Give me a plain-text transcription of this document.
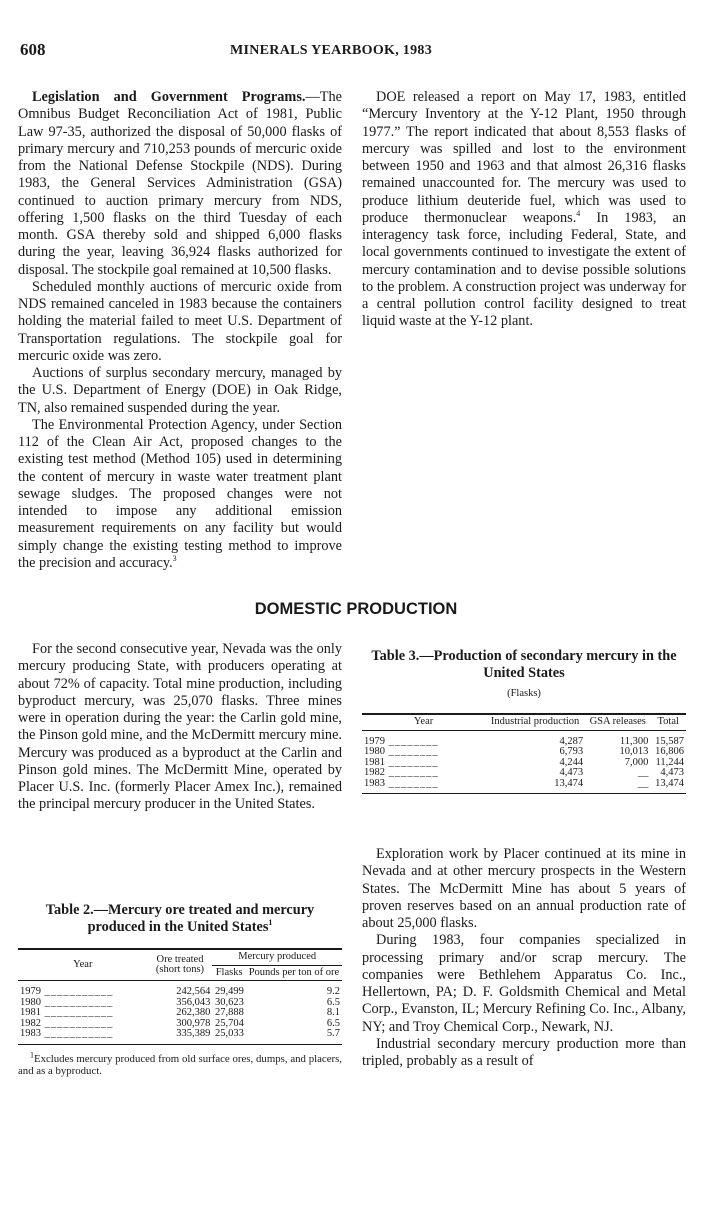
608	MINERALS YEARBOOK, 1983

Legislation and Government Programs.—The Omnibus Budget Reconciliation Act of 1981, Public Law 97-35, authorized the disposal of 50,000 flasks of primary mercury and 710,253 pounds of mercuric oxide from the National Defense Stockpile (NDS). During 1983, the General Services Administration (GSA) continued to auction primary mercury from NDS, offering 1,500 flasks on the third Tuesday of each month. GSA thereby sold and shipped 6,000 flasks during the year, leaving 36,924 flasks authorized for disposal. The stockpile goal remained at 10,500 flasks.

Scheduled monthly auctions of mercuric oxide from NDS remained canceled in 1983 because the containers holding the material failed to meet U.S. Department of Transportation regulations. The stockpile goal for mercuric oxide was zero.

Auctions of surplus secondary mercury, managed by the U.S. Department of Energy (DOE) in Oak Ridge, TN, also remained suspended during the year.

The Environmental Protection Agency, under Section 112 of the Clean Air Act, proposed changes to the existing test method (Method 105) used in determining the content of mercury in waste water treatment plant sewage sludges. The proposed changes were not intended to impose any additional emission measurement requirements on any facility but would simply change the existing testing method to improve the precision and accuracy.$^3$

DOE released a report on May 17, 1983, entitled “Mercury Inventory at the Y-12 Plant, 1950 through 1977.” The report indicated that about 8,553 flasks of mercury was spilled and lost to the environment between 1950 and 1963 and that almost 26,316 flasks remained unaccounted for. The mercury was used to produce lithium deuteride fuel, which was used to produce thermonuclear weapons.$^4$ In 1983, an interagency task force, including Federal, State, and local governments continued to investigate the extent of mercury contamination and to devise possible solutions to the problem. A construction project was underway for a central pollution control facility designed to treat liquid waste at the Y-12 plant.

DOMESTIC PRODUCTION

For the second consecutive year, Nevada was the only mercury producing State, with producers operating at about 72% of capacity. Total mine production, including byproduct mercury, was 25,070 flasks. Three mines were in operation during the year: the Carlin gold mine, the Pinson gold mine, and the McDermitt mercury mine. Mercury was produced as a byproduct at the Carlin and Pinson gold mines. The McDermitt Mine, operated by Placer U.S. Inc. (formerly Placer Amex Inc.), remained the principal mercury producer in the United States.

Table 3.—Production of secondary mercury in the United States
(Flasks)
Year	Industrial production	GSA releases	Total
1979 ________	4,287	11,300	15,587
1980 ________	6,793	10,013	16,806
1981 ________	4,244	7,000	11,244
1982 ________	4,473	__	4,473
1983 ________	13,474	__	13,474

Exploration work by Placer continued at its mine in Nevada and at other mercury prospects in the Western States. The McDermitt Mine has about 5 years of proven reserves based on an annual production rate of about 25,000 flasks.

During 1983, four companies specialized in processing primary and/or scrap mercury. The companies were Bethlehem Apparatus Co. Inc., Hellertown, PA; D. F. Goldsmith Chemical and Metal Corp., Evanston, IL; Mercury Refining Co. Inc., Albany, NY; and Troy Chemical Corp., Newark, NJ.

Industrial secondary mercury production more than tripled, probably as a result of

Table 2.—Mercury ore treated and mercury produced in the United States$^1$
Year	Ore treated (short tons)	Mercury produced	
		Flasks	Pounds per ton of ore
1979 ___________	242,564	29,499	9.2
1980 ___________	356,043	30,623	6.5
1981 ___________	262,380	27,888	8.1
1982 ___________	300,978	25,704	6.5
1983 ___________	335,389	25,033	5.7
$^1$Excludes mercury produced from old surface ores, dumps, and placers, and as a byproduct.
